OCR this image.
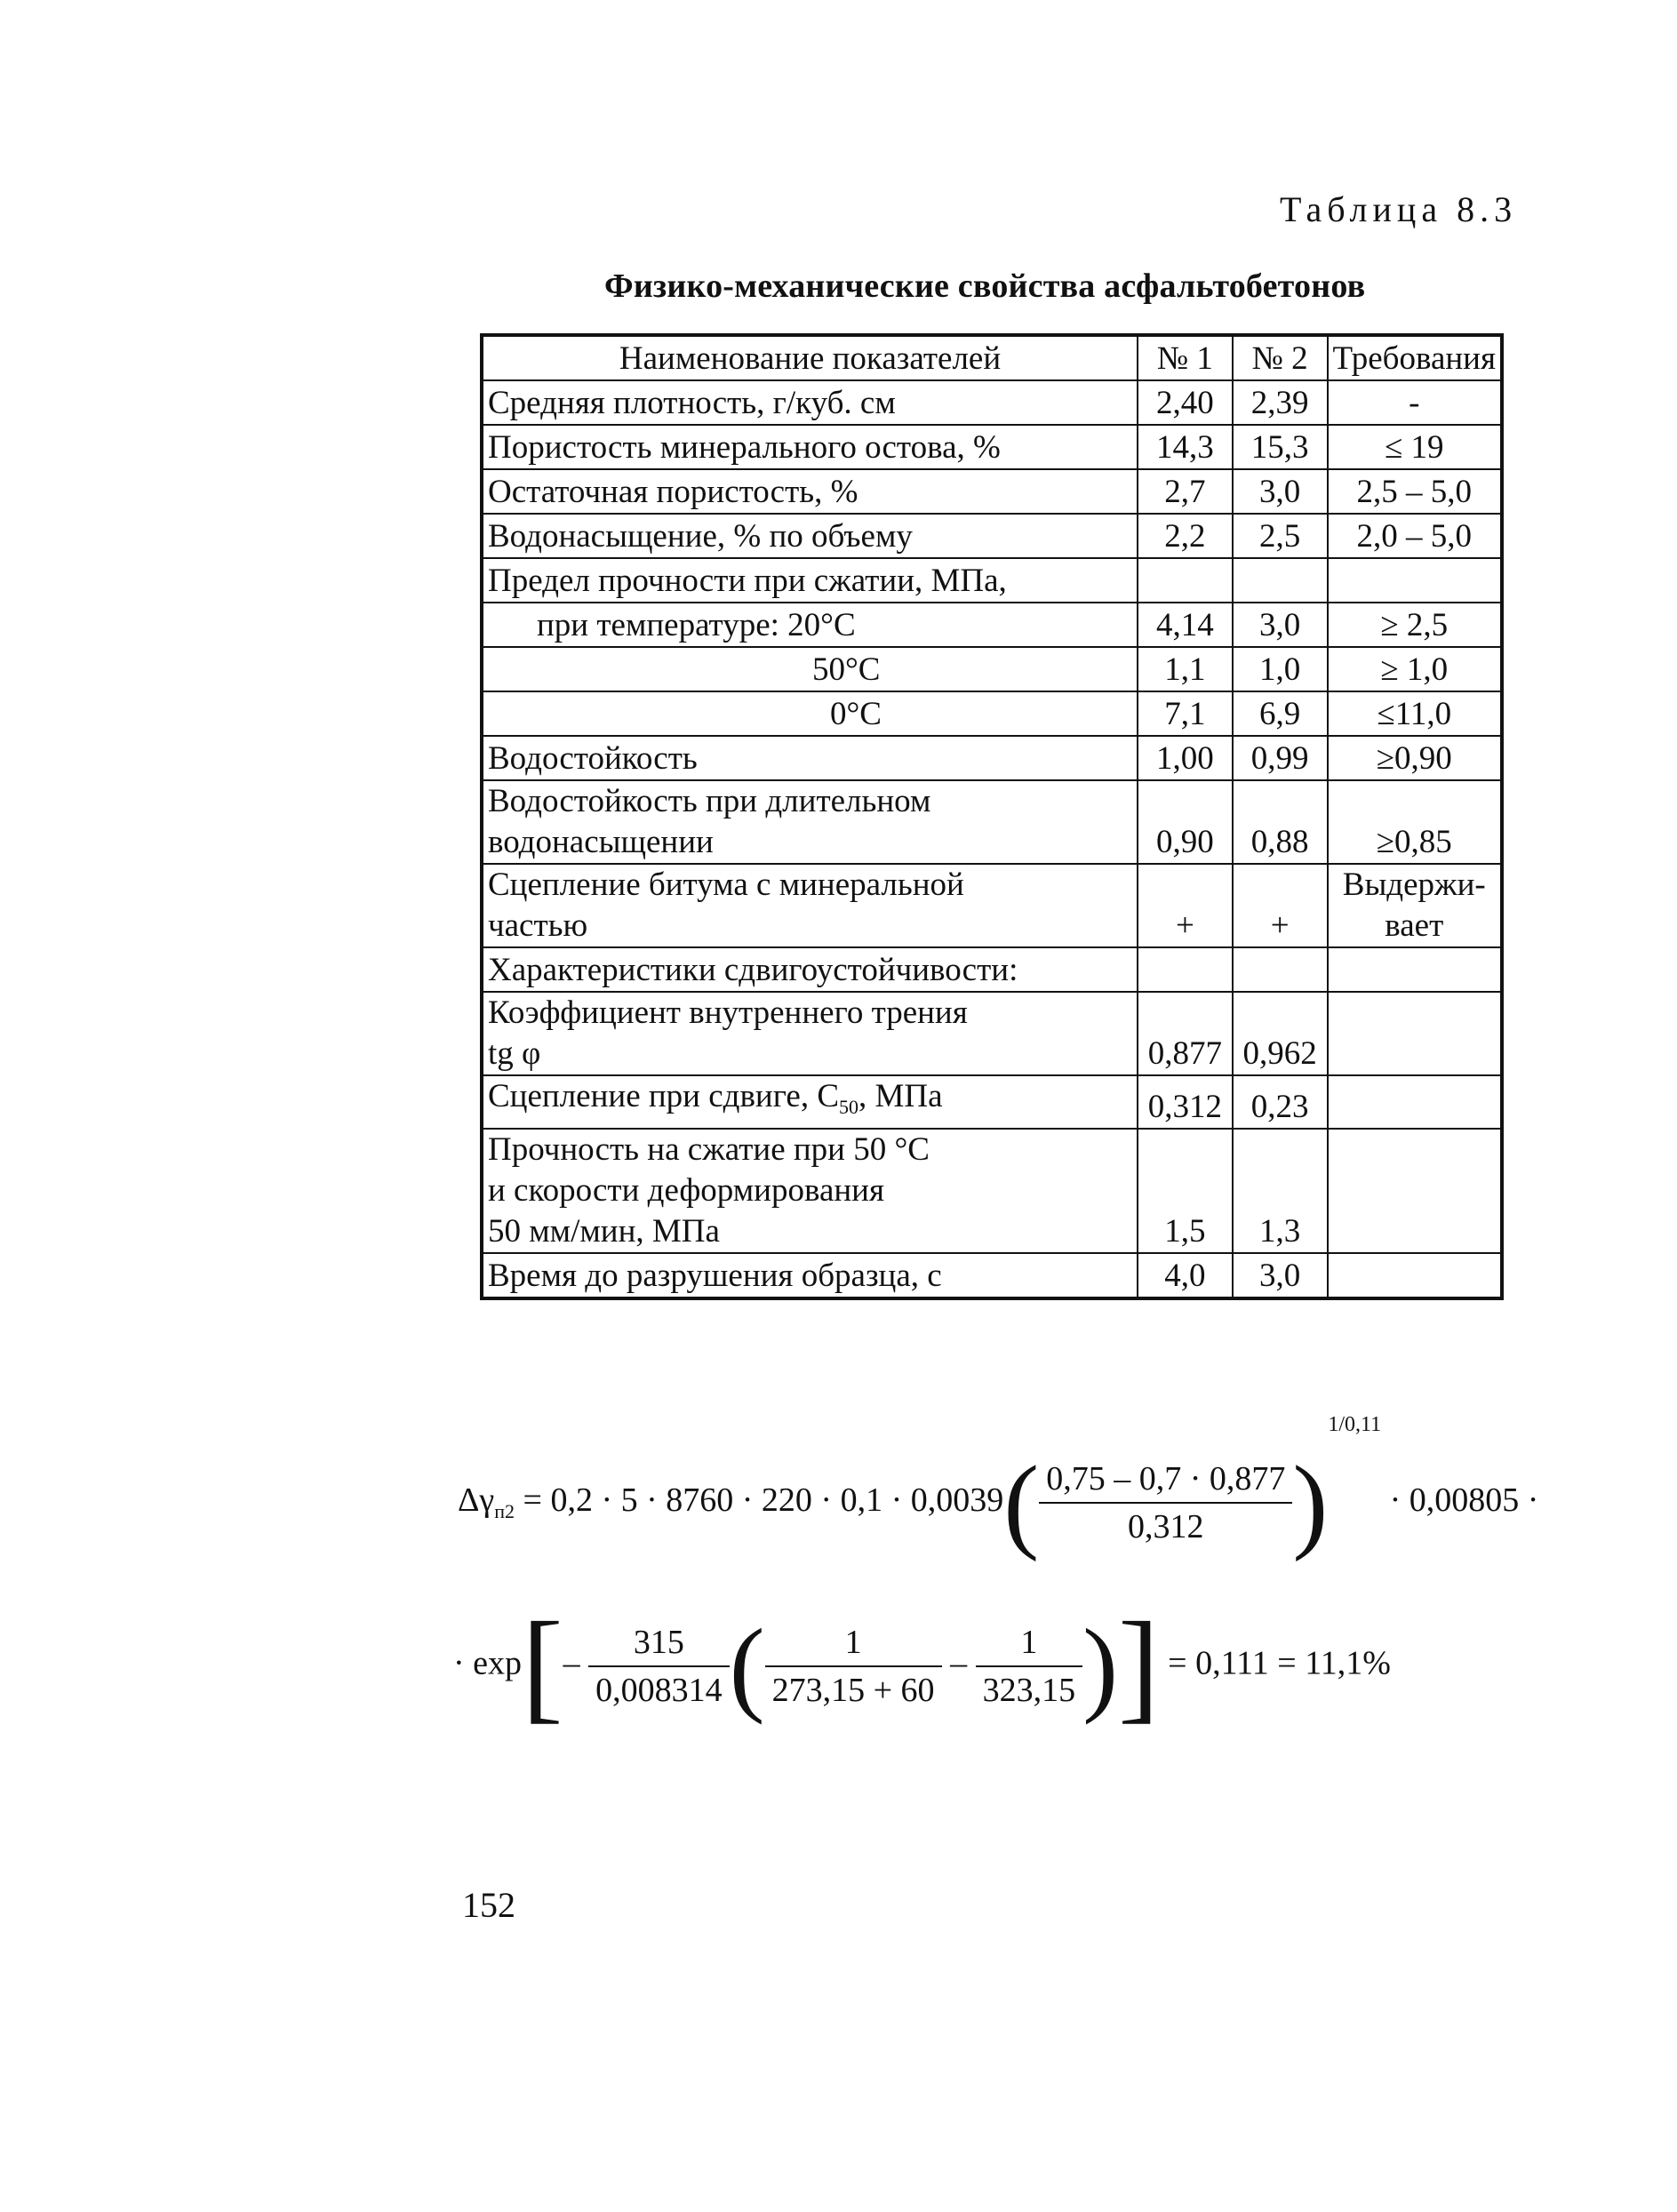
Таблица 8.3
Физико-механические свойства асфальтобетонов
Наименование показателей	№ 1	№ 2	Требования
Средняя плотность, г/куб. см	2,40	2,39	-
Пористость минерального остова, %	14,3	15,3	≤ 19
Остаточная пористость, %	2,7	3,0	2,5 – 5,0
Водонасыщение, % по объему	2,2	2,5	2,0 – 5,0
Предел прочности при сжатии, МПа,			
при температуре: 20°С	4,14	3,0	≥ 2,5
50°С	1,1	1,0	≥ 1,0
0°С	7,1	6,9	≤11,0
Водостойкость	1,00	0,99	≥0,90

Водостойкость при длительном
водонасыщении	0,90	0,88	≥0,85

Сцепление битума с минеральной
частью	+	+	Выдержи-
вает

Характеристики сдвигоустойчивости:			

Коэффициент внутреннего трения
tg φ	0,877	0,962	
Сцепление при сдвиге, $С_{50}$, МПа	0,312	0,23	

Прочность на сжатие при 50 °С
и скорости деформирования
50 мм/мин, МПа	1,5	1,3	
Время до разрушения образца, с	4,0	3,0	
$\Delta\gamma_{п2} = 0,2 \cdot 5 \cdot 8760 \cdot 220 \cdot 0,1 \cdot 0,0039( \frac{0,75 - 0,7 \cdot 0,877}{0,312} )^{1/0,11} \cdot 0,00805$ ·
· $\exp[- \frac{315}{0,008314}$ ( $\frac{1}{273,15 + 60} - \frac{1}{323,15}$ )] = 0,111 = 11,1%
152
